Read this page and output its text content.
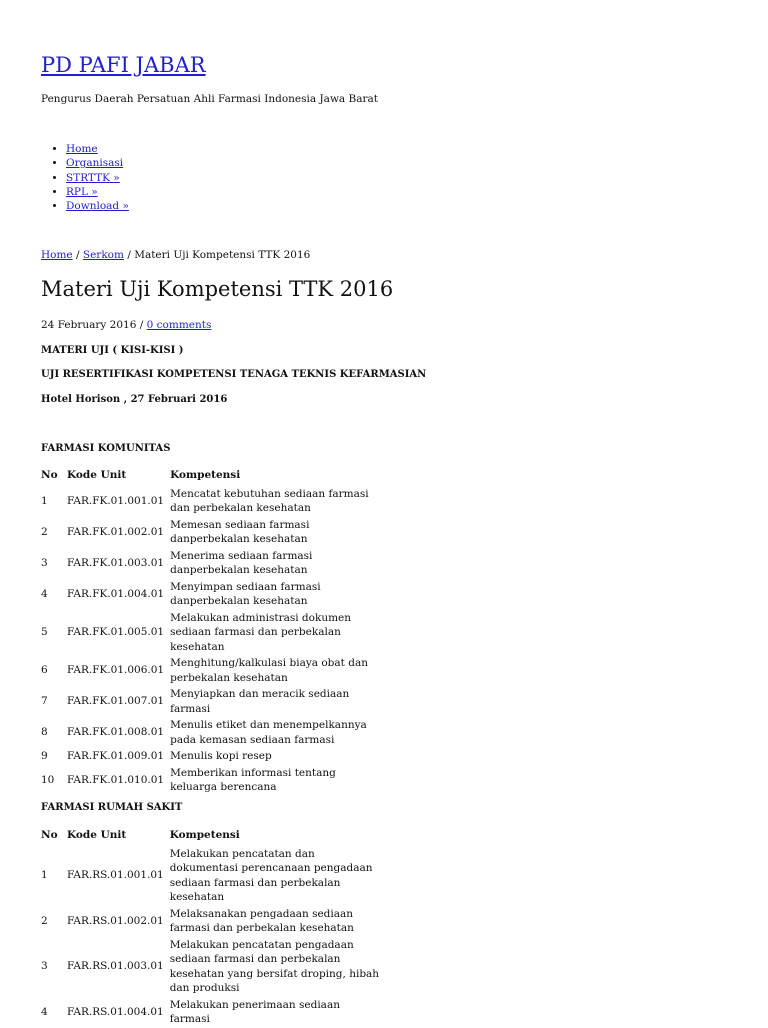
PD PAFI JABAR

Pengurus Daerah Persatuan Ahli Farmasi Indonesia Jawa Barat

• Home
• Organisasi
• STRTTK »
• RPL »
• Download »
Home / Serkom / Materi Uji Kompetensi TTK 2016
Materi Uji Kompetensi TTK 2016
24 February 2016 / 0 comments

MATERI UJI ( KISI-KISI )

UJI RESERTIFIKASI KOMPETENSI TENAGA TEKNIS KEFARMASIAN

Hotel Horison , 27 Februari 2016

FARMASI KOMUNITAS

No	Kode Unit	Kompetensi
1	FAR.FK.01.001.01	Mencatat kebutuhan sediaan farmasi dan perbekalan kesehatan
2	FAR.FK.01.002.01	Memesan sediaan farmasi danperbekalan kesehatan
3	FAR.FK.01.003.01	Menerima sediaan farmasi danperbekalan kesehatan
4	FAR.FK.01.004.01	Menyimpan sediaan farmasi danperbekalan kesehatan
5	FAR.FK.01.005.01	Melakukan administrasi dokumen sediaan farmasi dan perbekalan kesehatan
6	FAR.FK.01.006.01	Menghitung/kalkulasi biaya obat dan perbekalan kesehatan
7	FAR.FK.01.007.01	Menyiapkan dan meracik sediaan farmasi
8	FAR.FK.01.008.01	Menulis etiket dan menempelkannya pada kemasan sediaan farmasi
9	FAR.FK.01.009.01	Menulis kopi resep
10	FAR.FK.01.010.01	Memberikan informasi tentang keluarga berencana

FARMASI RUMAH SAKIT

No	Kode Unit	Kompetensi
1	FAR.RS.01.001.01	Melakukan pencatatan dan dokumentasi perencanaan pengadaan sediaan farmasi dan perbekalan kesehatan
2	FAR.RS.01.002.01	Melaksanakan pengadaan sediaan farmasi dan perbekalan kesehatan
3	FAR.RS.01.003.01	Melakukan pencatatan pengadaan sediaan farmasi dan perbekalan kesehatan yang bersifat droping, hibah dan produksi
4	FAR.RS.01.004.01	Melakukan penerimaan sediaan farmasi
